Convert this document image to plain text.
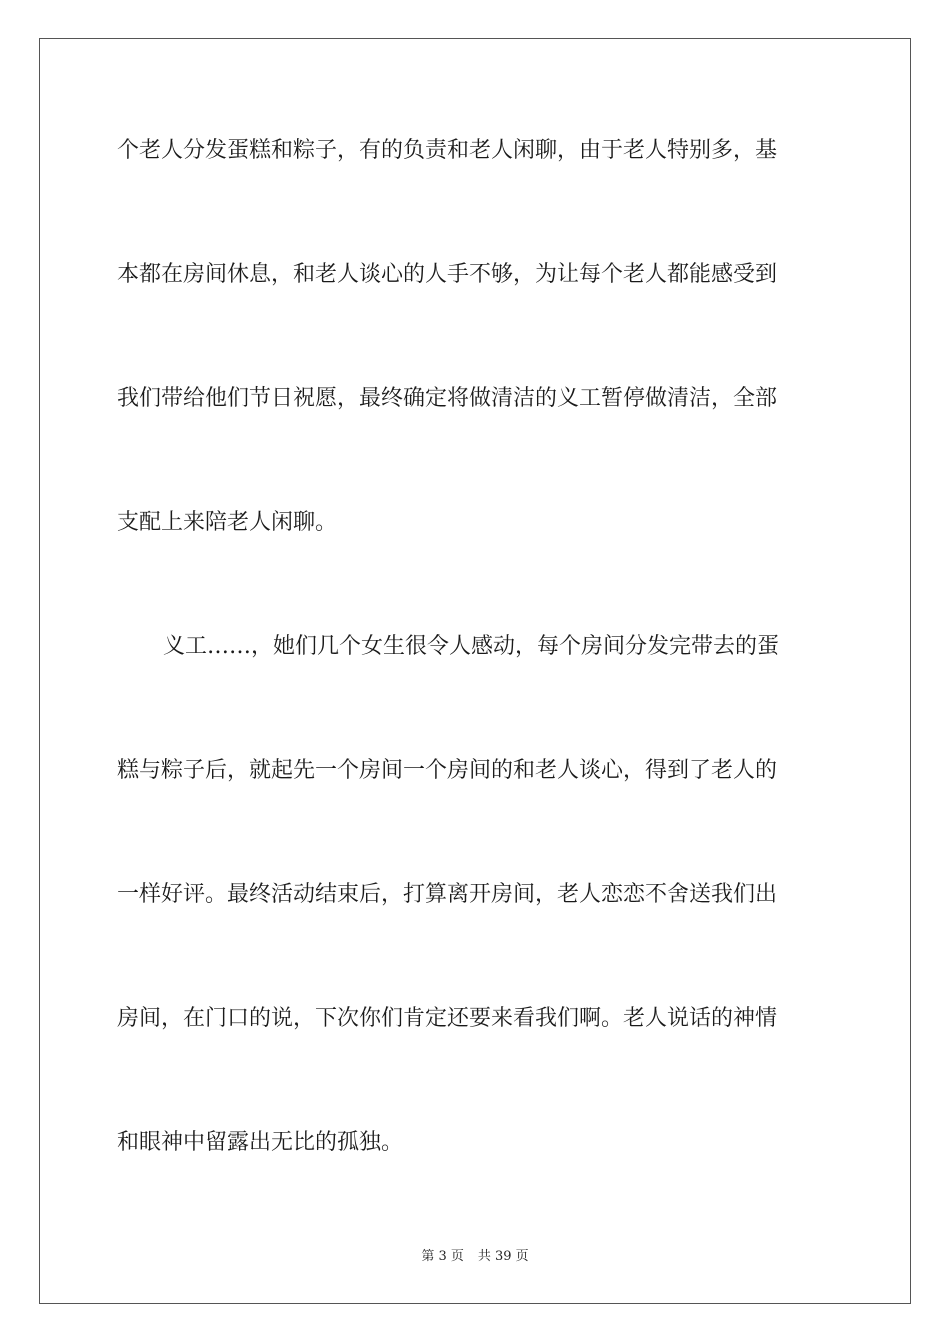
个老人分发蛋糕和粽子，有的负责和老人闲聊，由于老人特别多，基
本都在房间休息，和老人谈心的人手不够，为让每个老人都能感受到
我们带给他们节日祝愿，最终确定将做清洁的义工暂停做清洁，全部
支配上来陪老人闲聊。
义工……，她们几个女生很令人感动，每个房间分发完带去的蛋
糕与粽子后，就起先一个房间一个房间的和老人谈心，得到了老人的
一样好评。最终活动结束后，打算离开房间，老人恋恋不舍送我们出
房间，在门口的说，下次你们肯定还要来看我们啊。老人说话的神情
和眼神中留露出无比的孤独。
第 3 页 共 39 页
